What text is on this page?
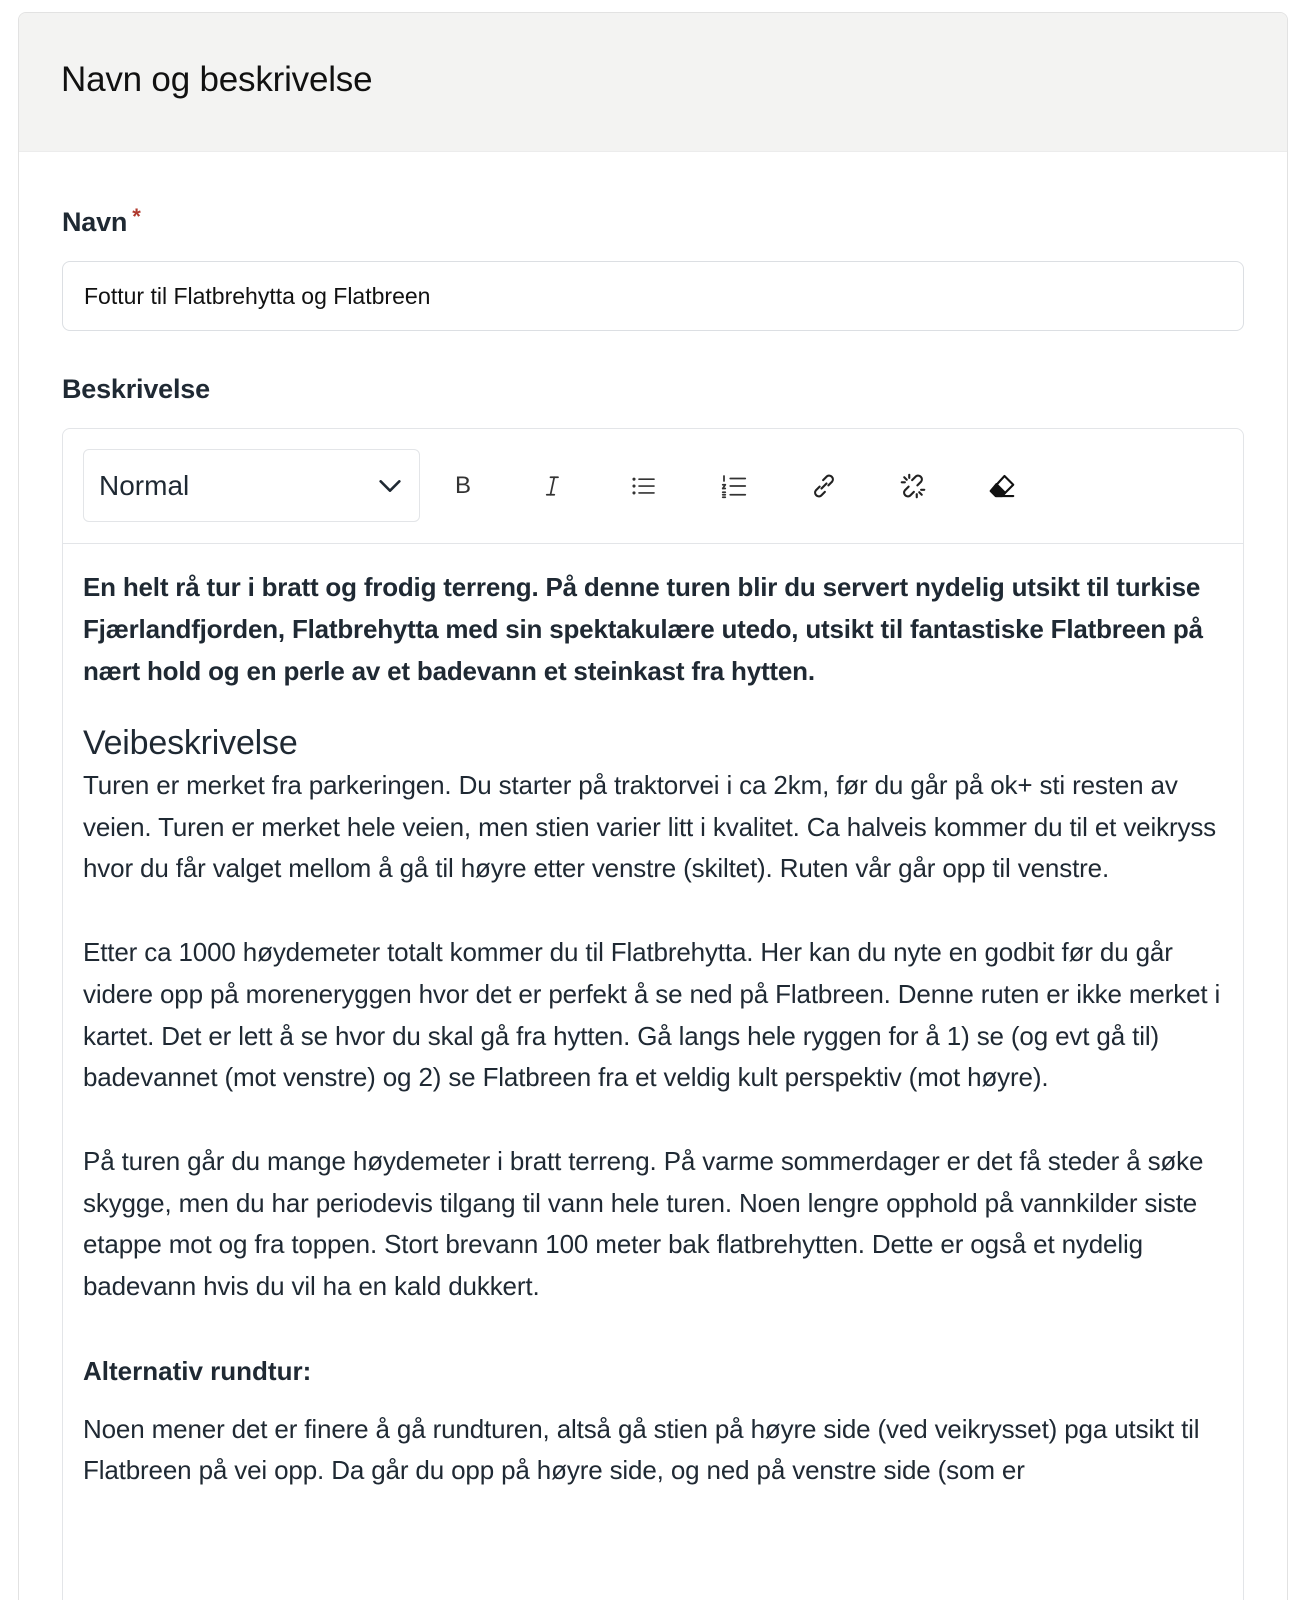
Navn og beskrivelse
Navn *
Fottur til Flatbrehytta og Flatbreen
Beskrivelse
Normal	B

En helt rå tur i bratt og frodig terreng. På denne turen blir du servert nydelig utsikt til turkise Fjærlandfjorden, Flatbrehytta med sin spektakulære utedo, utsikt til fantastiske Flatbreen på nært hold og en perle av et badevann et steinkast fra hytten.

Veibeskrivelse

Turen er merket fra parkeringen. Du starter på traktorvei i ca 2km, før du går på ok+ sti resten av veien. Turen er merket hele veien, men stien varier litt i kvalitet. Ca halveis kommer du til et veikryss hvor du får valget mellom å gå til høyre etter venstre (skiltet). Ruten vår går opp til venstre.

Etter ca 1000 høydemeter totalt kommer du til Flatbrehytta. Her kan du nyte en godbit før du går videre opp på moreneryggen hvor det er perfekt å se ned på Flatbreen. Denne ruten er ikke merket i kartet. Det er lett å se hvor du skal gå fra hytten. Gå langs hele ryggen for å 1) se (og evt gå til) badevannet (mot venstre) og 2) se Flatbreen fra et veldig kult perspektiv (mot høyre).

På turen går du mange høydemeter i bratt terreng. På varme sommerdager er det få steder å søke skygge, men du har periodevis tilgang til vann hele turen. Noen lengre opphold på vannkilder siste etappe mot og fra toppen. Stort brevann 100 meter bak flatbrehytten. Dette er også et nydelig badevann hvis du vil ha en kald dukkert.

Alternativ rundtur:

Noen mener det er finere å gå rundturen, altså gå stien på høyre side (ved veikrysset) pga utsikt til Flatbreen på vei opp. Da går du opp på høyre side, og ned på venstre side (som er
